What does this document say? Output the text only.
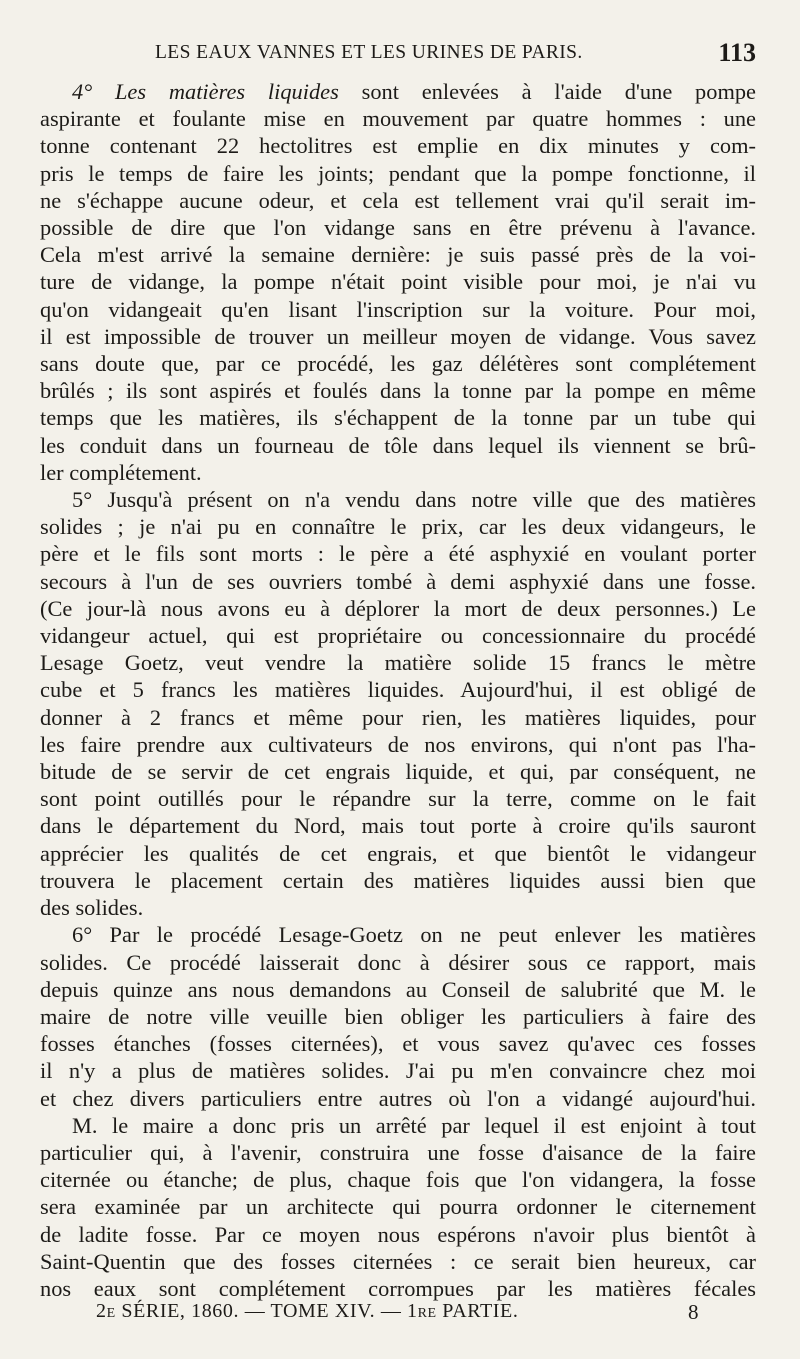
LES EAUX VANNES ET LES URINES DE PARIS.	113
4° Les matières liquides sont enlevées à l'aide d'une pompe
aspirante et foulante mise en mouvement par quatre hommes : une
tonne contenant 22 hectolitres est emplie en dix minutes y com-
pris le temps de faire les joints; pendant que la pompe fonctionne, il
ne s'échappe aucune odeur, et cela est tellement vrai qu'il serait im-
possible de dire que l'on vidange sans en être prévenu à l'avance.
Cela m'est arrivé la semaine dernière: je suis passé près de la voi-
ture de vidange, la pompe n'était point visible pour moi, je n'ai vu
qu'on vidangeait qu'en lisant l'inscription sur la voiture. Pour moi,
il est impossible de trouver un meilleur moyen de vidange. Vous savez
sans doute que, par ce procédé, les gaz délétères sont complétement
brûlés ; ils sont aspirés et foulés dans la tonne par la pompe en même
temps que les matières, ils s'échappent de la tonne par un tube qui
les conduit dans un fourneau de tôle dans lequel ils viennent se brû-
ler complétement.
5° Jusqu'à présent on n'a vendu dans notre ville que des matières
solides ; je n'ai pu en connaître le prix, car les deux vidangeurs, le
père et le fils sont morts : le père a été asphyxié en voulant porter
secours à l'un de ses ouvriers tombé à demi asphyxié dans une fosse.
(Ce jour-là nous avons eu à déplorer la mort de deux personnes.) Le
vidangeur actuel, qui est propriétaire ou concessionnaire du procédé
Lesage Goetz, veut vendre la matière solide 15 francs le mètre
cube et 5 francs les matières liquides. Aujourd'hui, il est obligé de
donner à 2 francs et même pour rien, les matières liquides, pour
les faire prendre aux cultivateurs de nos environs, qui n'ont pas l'ha-
bitude de se servir de cet engrais liquide, et qui, par conséquent, ne
sont point outillés pour le répandre sur la terre, comme on le fait
dans le département du Nord, mais tout porte à croire qu'ils sauront
apprécier les qualités de cet engrais, et que bientôt le vidangeur
trouvera le placement certain des matières liquides aussi bien que
des solides.
6° Par le procédé Lesage-Goetz on ne peut enlever les matières
solides. Ce procédé laisserait donc à désirer sous ce rapport, mais
depuis quinze ans nous demandons au Conseil de salubrité que M. le
maire de notre ville veuille bien obliger les particuliers à faire des
fosses étanches (fosses citernées), et vous savez qu'avec ces fosses
il n'y a plus de matières solides. J'ai pu m'en convaincre chez moi
et chez divers particuliers entre autres où l'on a vidangé aujourd'hui.
M. le maire a donc pris un arrêté par lequel il est enjoint à tout
particulier qui, à l'avenir, construira une fosse d'aisance de la faire
citernée ou étanche; de plus, chaque fois que l'on vidangera, la fosse
sera examinée par un architecte qui pourra ordonner le citernement
de ladite fosse. Par ce moyen nous espérons n'avoir plus bientôt à
Saint-Quentin que des fosses citernées : ce serait bien heureux, car
nos eaux sont complétement corrompues par les matières fécales
2e SÉRIE, 1860. — TOME XIV. — 1re PARTIE.	8
